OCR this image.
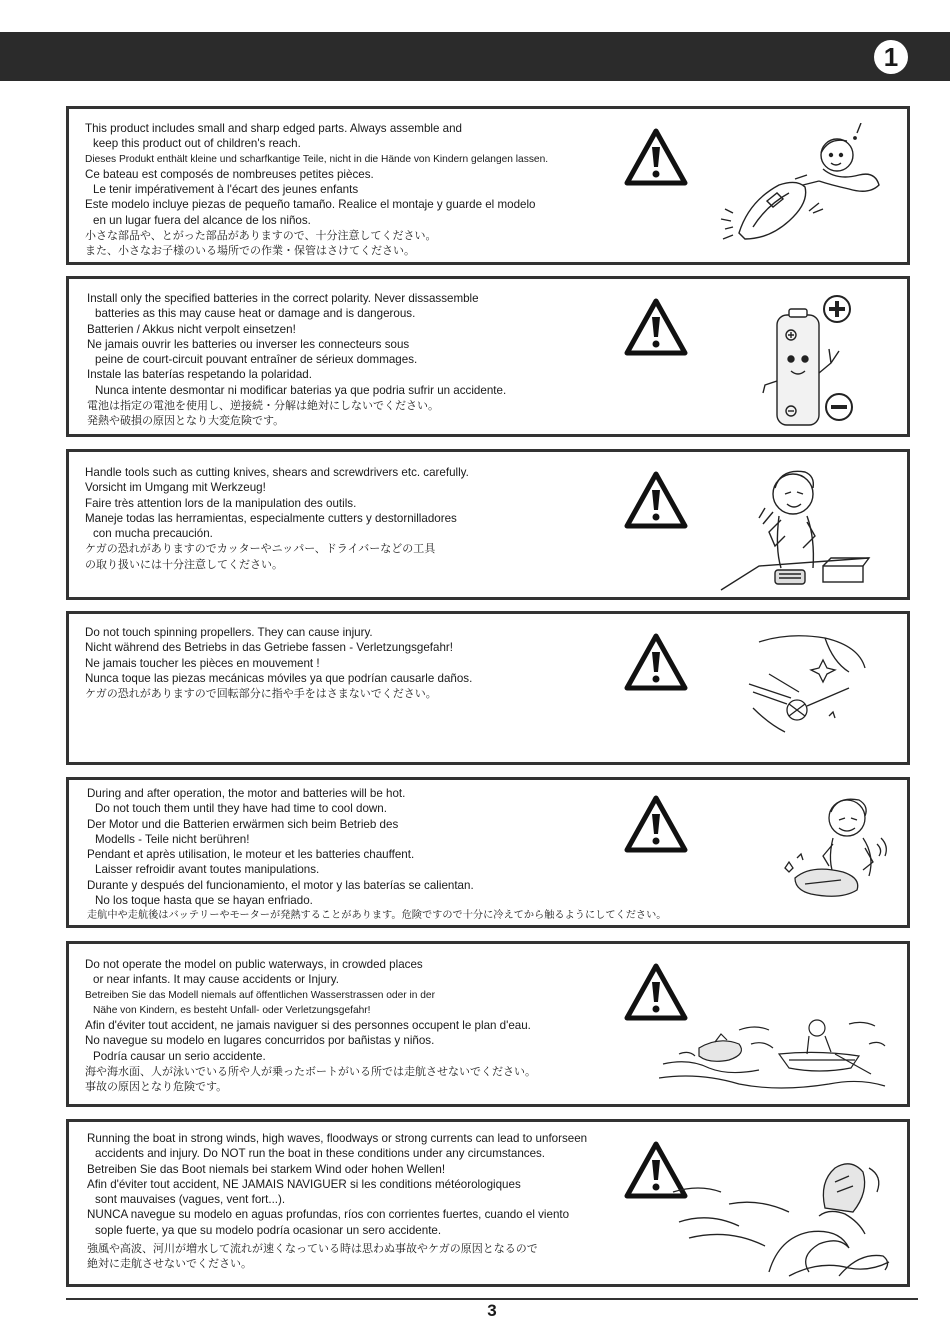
1
This product includes small and sharp edged parts. Always assemble and
keep this product out of children's reach.
Dieses Produkt enthält kleine und scharfkantige Teile, nicht in die Hände von Kindern gelangen lassen.
Ce bateau est composés de nombreuses petites pièces.
Le tenir impérativement à l'écart des jeunes enfants
Este modelo incluye piezas de pequeño tamaño. Realice el montaje y guarde el modelo
en un lugar fuera del alcance de los niños.
小さな部品や、とがった部品がありますので、十分注意してください。
また、小さなお子様のいる場所での作業・保管はさけてください。
Install only the specified batteries in the correct polarity. Never dissassemble
batteries as this may cause heat or damage and is dangerous.
Batterien / Akkus nicht verpolt einsetzen!
Ne jamais ouvrir les batteries ou inverser les connecteurs sous
peine de court-circuit pouvant entraîner de sérieux dommages.
Instale las baterías respetando la polaridad.
Nunca intente desmontar ni modificar baterias ya que podria sufrir un accidente.
電池は指定の電池を使用し、逆接続・分解は絶対にしないでください。
発熱や破損の原因となり大変危険です。
Handle tools such as cutting knives, shears and screwdrivers etc. carefully.
Vorsicht im Umgang mit Werkzeug!
Faire très attention lors de la manipulation des outils.
Maneje todas las herramientas, especialmente cutters y destornilladores
con mucha precaución.
ケガの恐れがありますのでカッターやニッパー、ドライバーなどの工具
の取り扱いには十分注意してください。
Do not touch spinning propellers. They can cause injury.
Nicht während des Betriebs in das Getriebe fassen - Verletzungsgefahr!
Ne jamais toucher les pièces en mouvement !
Nunca toque las piezas mecánicas móviles ya que podrían causarle daños.
ケガの恐れがありますので回転部分に指や手をはさまないでください。
During and after operation, the motor and batteries will be hot.
Do not touch them until they have had time to cool down.
Der Motor und die Batterien erwärmen sich beim Betrieb des
Modells - Teile nicht berühren!
Pendant et après utilisation, le moteur et les batteries chauffent.
Laisser refroidir avant toutes manipulations.
Durante y después del funcionamiento, el motor y las baterías se calientan.
No los toque hasta que se hayan enfriado.
走航中や走航後はバッテリーやモーターが発熱することがあります。危険ですので十分に冷えてから触るようにしてください。
Do not operate the model on public waterways, in crowded places
or near infants. It may cause accidents or Injury.
Betreiben Sie das Modell niemals auf öffentlichen Wasserstrassen oder in der
Nähe von Kindern, es besteht Unfall- oder Verletzungsgefahr!
Afin d'éviter tout accident, ne jamais naviguer si des personnes occupent le plan d'eau.
No navegue su modelo en lugares concurridos por bañistas y niños.
Podría causar un serio accidente.
海や海水面、人が泳いでいる所や人が乗ったボートがいる所では走航させないでください。
事故の原因となり危険です。
Running the boat in strong winds, high waves, floodways or strong currents can lead to unforseen
accidents and injury. Do NOT run the boat in these conditions under any circumstances.
Betreiben Sie das Boot niemals bei starkem Wind oder hohen Wellen!
Afin d'éviter tout accident, NE JAMAIS NAVIGUER si les conditions météorologiques
sont mauvaises (vagues, vent fort...).
NUNCA navegue su modelo en aguas profundas, ríos con corrientes fuertes, cuando el viento
sople fuerte, ya que su modelo podría ocasionar un sero accidente.
強風や高波、河川が増水して流れが速くなっている時は思わぬ事故やケガの原因となるので
絶対に走航させないでください。
3
